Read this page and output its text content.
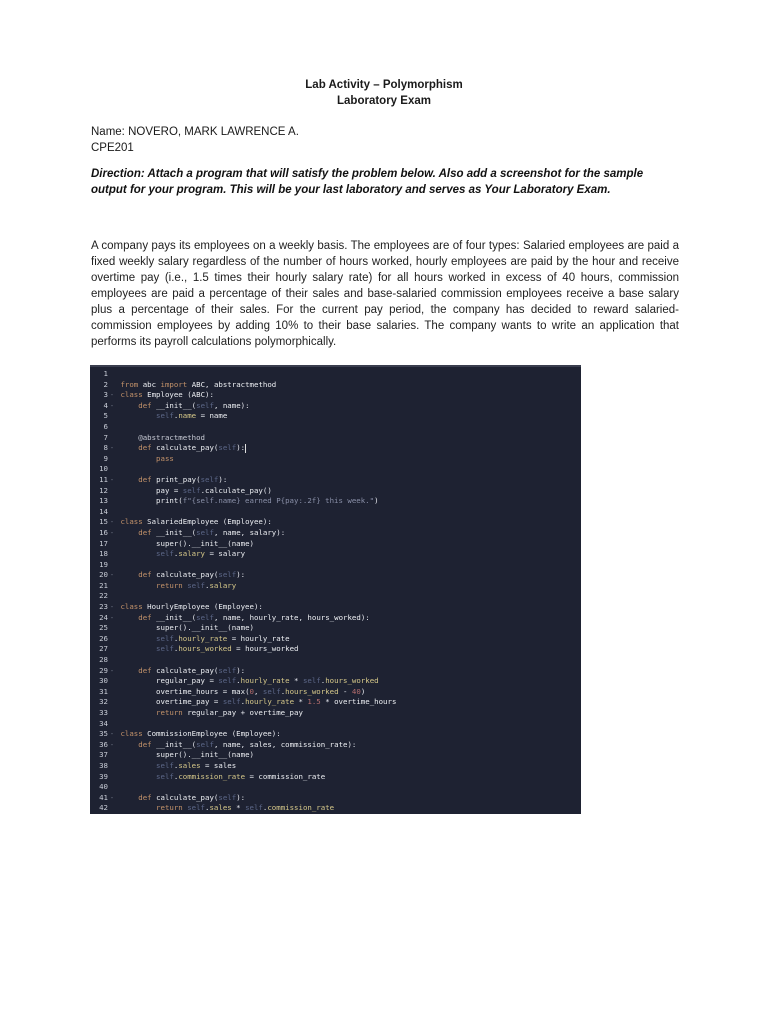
Lab Activity – Polymorphism
Laboratory Exam
Name: NOVERO, MARK LAWRENCE A.
CPE201
Direction: Attach a program that will satisfy the problem below. Also add a screenshot for the sample output for your program. This will be your last laboratory and serves as Your Laboratory Exam.
A company pays its employees on a weekly basis. The employees are of four types: Salaried employees are paid a fixed weekly salary regardless of the number of hours worked, hourly employees are paid by the hour and receive overtime pay (i.e., 1.5 times their hourly salary rate) for all hours worked in excess of 40 hours, commission employees are paid a percentage of their sales and base-salaried commission employees receive a base salary plus a percentage of their sales. For the current pay period, the company has decided to reward salaried-commission employees by adding 10% to their base salaries. The company wants to write an application that performs its payroll calculations polymorphically.
1
2 from abc import ABC, abstractmethod
3 - class Employee (ABC):
4 -	def __init__(self, name):
5	self.name = name
6
7	@abstractmethod
8 -	def calculate_pay(self):
9	pass
10
11 -	def print_pay(self):
12	pay = self.calculate_pay()
13	print(f"{self.name} earned P{pay:.2f} this week.")
14
15 - class SalariedEmployee (Employee):
16 -	def __init__(self, name, salary):
17	super().__init__(name)
18	self.salary = salary
19
20 -	def calculate_pay(self):
21	return self.salary
22
23 - class HourlyEmployee (Employee):
24 -	def __init__(self, name, hourly_rate, hours_worked):
25	super().__init__(name)
26	self.hourly_rate = hourly_rate
27	self.hours_worked = hours_worked
28
29 -	def calculate_pay(self):
30	regular_pay = self.hourly_rate * self.hours_worked
31	overtime_hours = max(0, self.hours_worked - 40)
32	overtime_pay = self.hourly_rate * 1.5 * overtime_hours
33	return regular_pay + overtime_pay
34
35 - class CommissionEmployee (Employee):
36 -	def __init__(self, name, sales, commission_rate):
37	super().__init__(name)
38	self.sales = sales
39	self.commission_rate = commission_rate
40
41 -	def calculate_pay(self):
42	return self.sales * self.commission_rate
